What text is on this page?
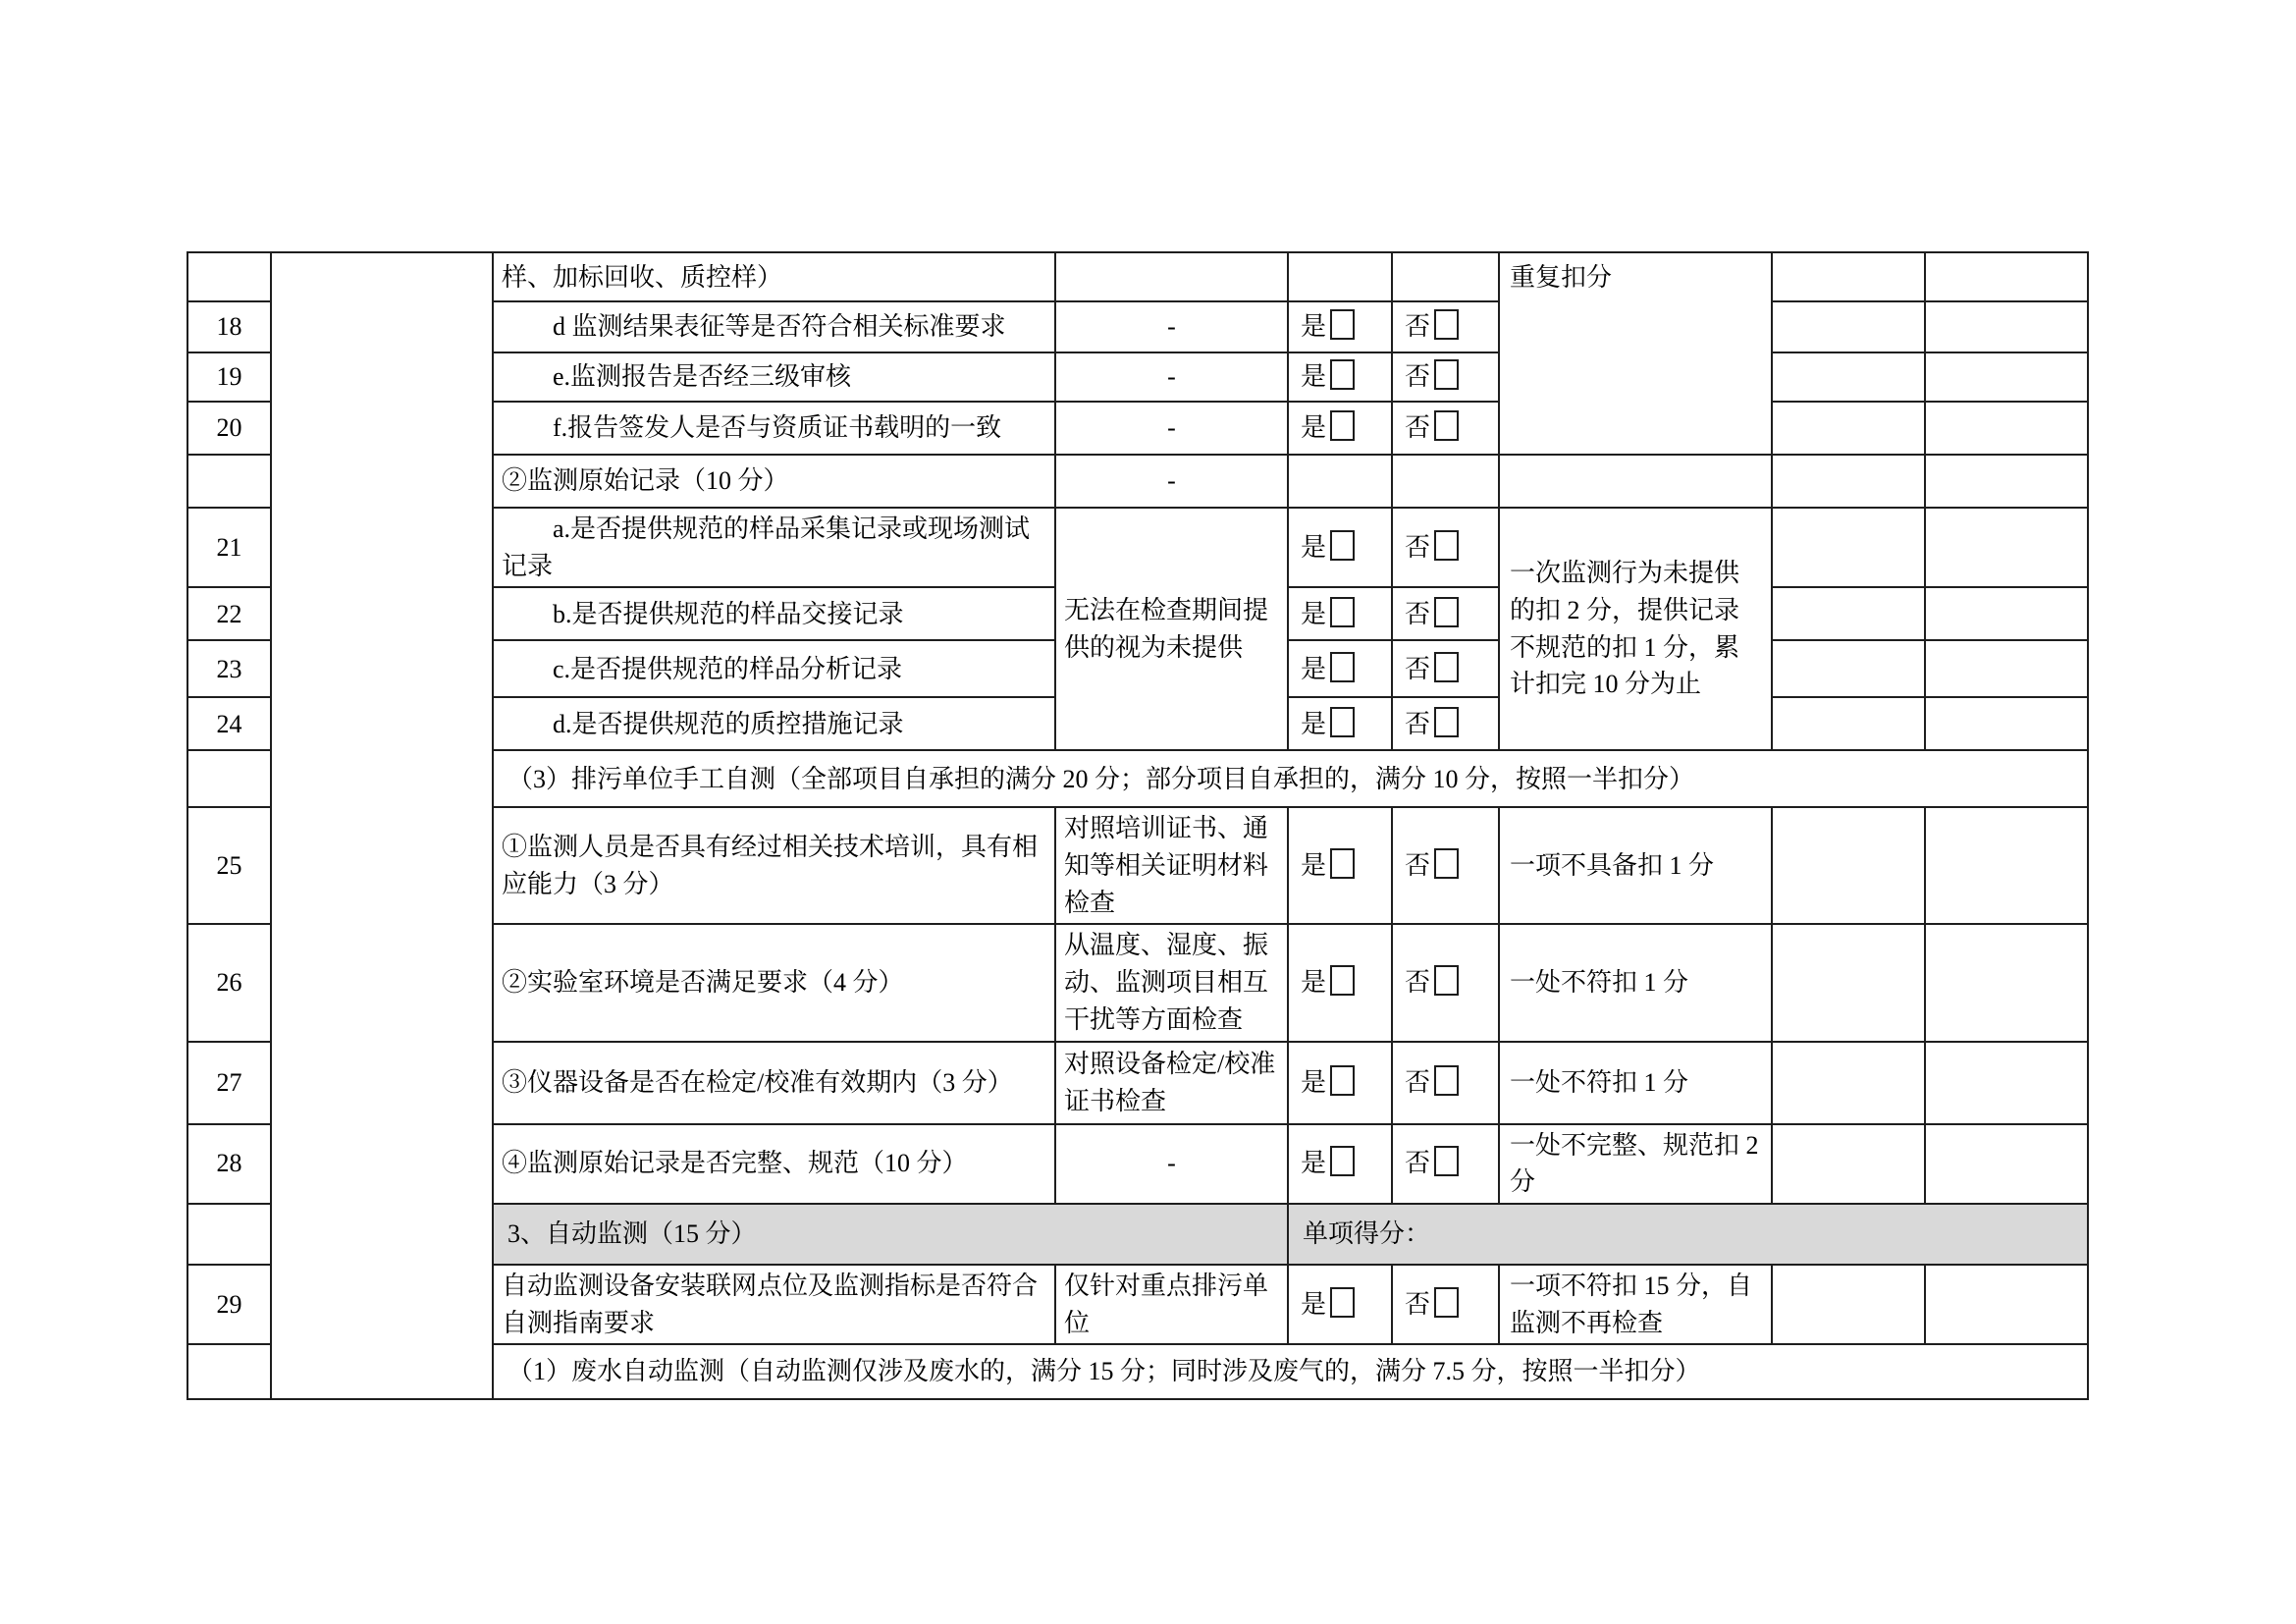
		样、加标回收、质控样）				重复扣分		
18		d 监测结果表征等是否符合相关标准要求	-	是	否			
19		e.监测报告是否经三级审核	-	是	否			
20		f.报告签发人是否与资质证书载明的一致	-	是	否			
		②监测原始记录（10 分）	-					
21		a.是否提供规范的样品采集记录或现场测试记录	无法在检查期间提供的视为未提供	是	否	一次监测行为未提供的扣 2 分，提供记录不规范的扣 1 分，累计扣完 10 分为止		
22		b.是否提供规范的样品交接记录		是	否			
23		c.是否提供规范的样品分析记录		是	否			
24		d.是否提供规范的质控措施记录		是	否			
		（3）排污单位手工自测（全部项目自承担的满分 20 分；部分项目自承担的，满分 10 分，按照一半扣分）						
25		①监测人员是否具有经过相关技术培训，具有相应能力（3 分）	对照培训证书、通知等相关证明材料检查	是	否	一项不具备扣 1 分		
26		②实验室环境是否满足要求（4 分）	从温度、湿度、振动、监测项目相互干扰等方面检查	是	否	一处不符扣 1 分		
27		③仪器设备是否在检定/校准有效期内（3 分）	对照设备检定/校准证书检查	是	否	一处不符扣 1 分		
28		④监测原始记录是否完整、规范（10 分）	-	是	否	一处不完整、规范扣 2 分		
		3、自动监测（15 分）		单项得分：				
29		自动监测设备安装联网点位及监测指标是否符合自测指南要求	仅针对重点排污单位	是	否	一项不符扣 15 分，自监测不再检查		
		（1）废水自动监测（自动监测仅涉及废水的，满分 15 分；同时涉及废气的，满分 7.5 分，按照一半扣分）						
